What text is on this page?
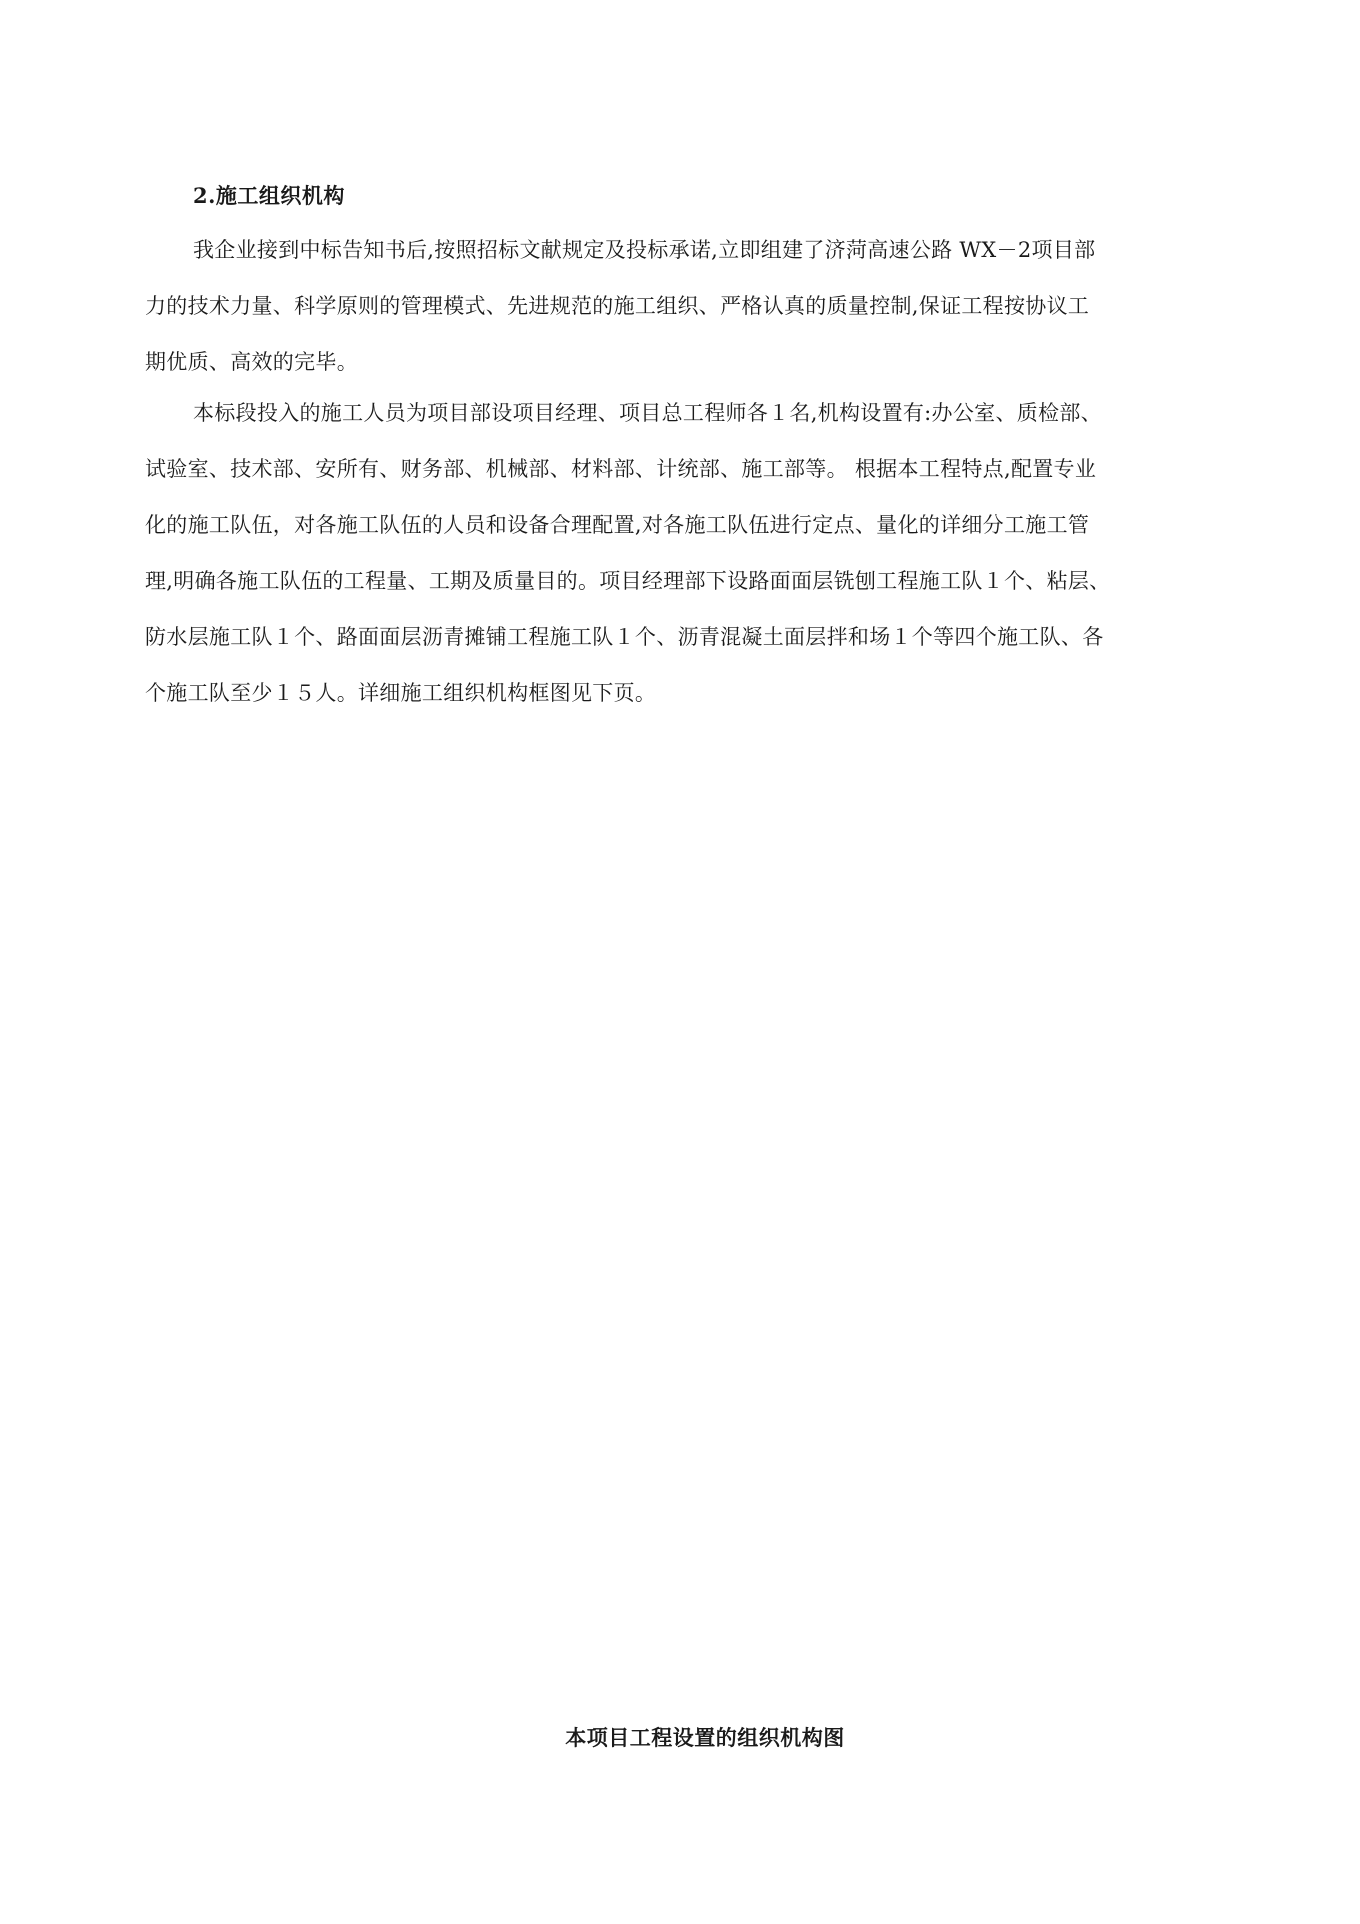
2.施工组织机构
我企业接到中标告知书后,按照招标文献规定及投标承诺,立即组建了济菏高速公路 WX－2项目部
力的技术力量、科学原则的管理模式、先进规范的施工组织、严格认真的质量控制,保证工程按协议工
期优质、高效的完毕。
本标段投入的施工人员为项目部设项目经理、项目总工程师各１名,机构设置有:办公室、质检部、
试验室、技术部、安所有、财务部、机械部、材料部、计统部、施工部等。 根据本工程特点,配置专业
化的施工队伍，对各施工队伍的人员和设备合理配置,对各施工队伍进行定点、量化的详细分工施工管
理,明确各施工队伍的工程量、工期及质量目的。项目经理部下设路面面层铣刨工程施工队１个、粘层、
防水层施工队１个、路面面层沥青摊铺工程施工队１个、沥青混凝土面层拌和场１个等四个施工队、各
个施工队至少１５人。详细施工组织机构框图见下页。
本项目工程设置的组织机构图
